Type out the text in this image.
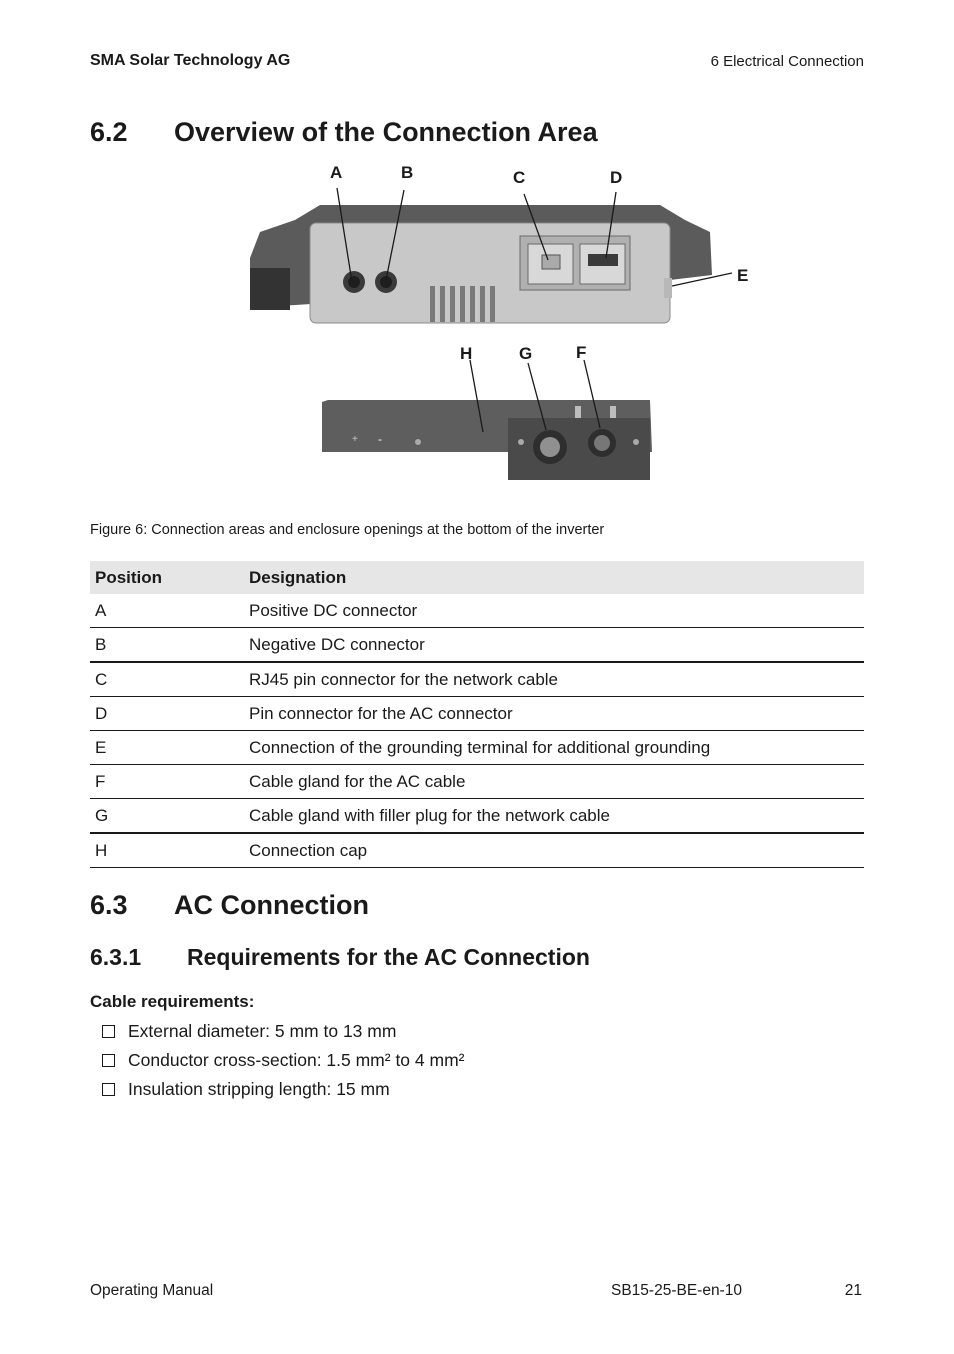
SMA Solar Technology AG	6 Electrical Connection
6.2 Overview of the Connection Area
+ -
A	B	C	D
E
F
G
H
Figure 6: Connection areas and enclosure openings at the bottom of the inverter
Position	Designation
A	Positive DC connector
B	Negative DC connector
C	RJ45 pin connector for the network cable
D	Pin connector for the AC connector
E	Connection of the grounding terminal for additional grounding
F	Cable gland for the AC cable
G	Cable gland with filler plug for the network cable
H	Connection cap
6.3 AC Connection
6.3.1 Requirements for the AC Connection
Cable requirements:
External diameter: 5 mm to 13 mm
Conductor cross-section: 1.5 mm² to 4 mm²
Insulation stripping length: 15 mm
Operating Manual	SB15-25-BE-en-10	21
